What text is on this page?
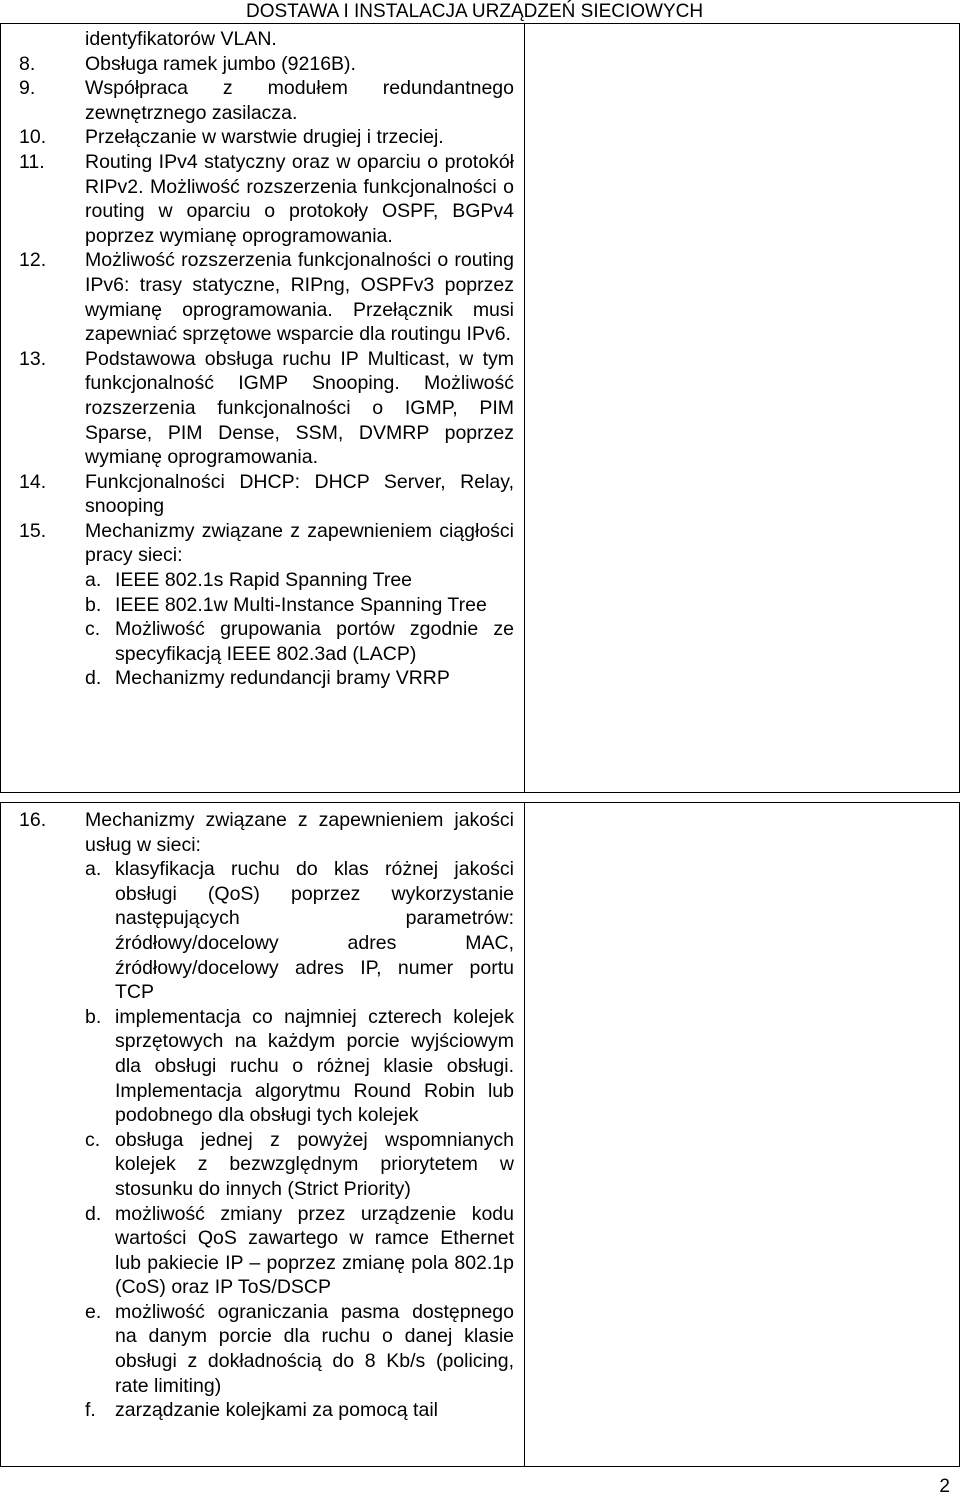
DOSTAWA I INSTALACJA URZĄDZEŃ SIECIOWYCH
identyfikatorów VLAN.
8.	Obsługa ramek jumbo (9216B).
9.	Współpraca z modułem redundantnego zewnętrznego zasilacza.
10.	Przełączanie w warstwie drugiej i trzeciej.
11.	Routing IPv4 statyczny oraz w oparciu o protokół RIPv2. Możliwość rozszerzenia funkcjonalności o routing w oparciu o protokoły OSPF, BGPv4 poprzez wymianę oprogramowania.
12.	Możliwość rozszerzenia funkcjonalności o routing IPv6: trasy statyczne, RIPng, OSPFv3 poprzez wymianę oprogramowania. Przełącznik musi zapewniać sprzętowe wsparcie dla routingu IPv6.
13.	Podstawowa obsługa ruchu IP Multicast, w tym funkcjonalność IGMP Snooping. Możliwość rozszerzenia funkcjonalności o IGMP, PIM Sparse, PIM Dense, SSM, DVMRP poprzez wymianę oprogramowania.
14.	Funkcjonalności DHCP: DHCP Server, Relay, snooping
15.	Mechanizmy związane z zapewnieniem ciągłości pracy sieci:
a. IEEE 802.1s Rapid Spanning Tree
b. IEEE 802.1w Multi-Instance Spanning Tree
c. Możliwość grupowania portów zgodnie ze specyfikacją IEEE 802.3ad (LACP)
d. Mechanizmy redundancji bramy VRRP
16.	Mechanizmy związane z zapewnieniem jakości usług w sieci:
a. klasyfikacja ruchu do klas różnej jakości obsługi (QoS) poprzez wykorzystanie następujących parametrów: źródłowy/docelowy adres MAC, źródłowy/docelowy adres IP, numer portu TCP
b. implementacja co najmniej czterech kolejek sprzętowych na każdym porcie wyjściowym dla obsługi ruchu o różnej klasie obsługi. Implementacja algorytmu Round Robin lub podobnego dla obsługi tych kolejek
c. obsługa jednej z powyżej wspomnianych kolejek z bezwzględnym priorytetem w stosunku do innych (Strict Priority)
d. możliwość zmiany przez urządzenie kodu wartości QoS zawartego w ramce Ethernet lub pakiecie IP – poprzez zmianę pola 802.1p (CoS) oraz IP ToS/DSCP
e. możliwość ograniczania pasma dostępnego na danym porcie dla ruchu o danej klasie obsługi z dokładnością do 8 Kb/s (policing, rate limiting)
f. zarządzanie kolejkami za pomocą tail
2
